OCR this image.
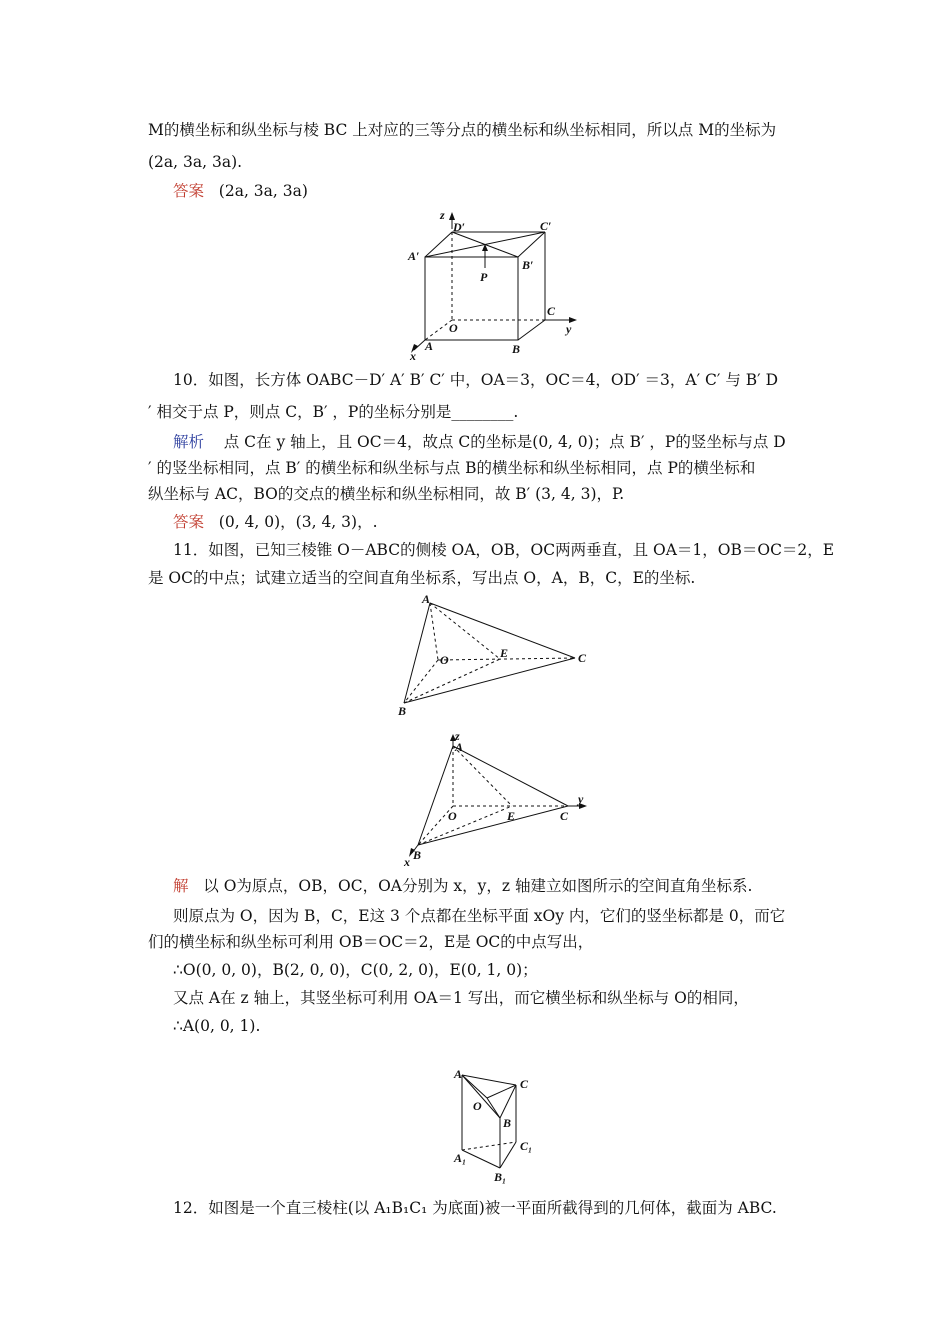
M的横坐标和纵坐标与棱 BC 上对应的三等分点的横坐标和纵坐标相同，所以点 M的坐标为
(2a, 3a, 3a).
答案 (2a, 3a, 3a)
z
D′	C′
A′
B′
P
O
C
y
A	B
x
10．如图，长方体 OABC－D′ A′ B′ C′ 中，OA＝3，OC＝4，OD′ ＝3，A′ C′ 与 B′ D
′ 相交于点 P，则点 C，B′ ，P的坐标分别是________.
解析 点 C在 y 轴上，且 OC＝4，故点 C的坐标是(0, 4, 0)；点 B′ ，P的竖坐标与点 D
′ 的竖坐标相同，点 B′ 的横坐标和纵坐标与点 B的横坐标和纵坐标相同，点 P的横坐标和
纵坐标与 AC，BO的交点的横坐标和纵坐标相同，故 B′ (3, 4, 3)，P.
答案 (0, 4, 0)，(3, 4, 3)，.
11．如图，已知三棱锥 O－ABC的侧棱 OA，OB，OC两两垂直，且 OA＝1，OB＝OC＝2，E
是 OC的中点；试建立适当的空间直角坐标系，写出点 O，A，B，C，E的坐标.
A
O	E	C
B
z
A
O	E	C
y
B
x
解 以 O为原点，OB，OC，OA分别为 x，y，z 轴建立如图所示的空间直角坐标系.
则原点为 O，因为 B，C，E这 3 个点都在坐标平面 xOy 内，它们的竖坐标都是 0，而它
们的横坐标和纵坐标可利用 OB＝OC＝2，E是 OC的中点写出，
∴O(0, 0, 0)，B(2, 0, 0)，C(0, 2, 0)，E(0, 1, 0)；
又点 A在 z 轴上，其竖坐标可利用 OA＝1 写出，而它横坐标和纵坐标与 O的相同，
∴A(0, 0, 1).
A
C
O
B
C₁
A₁
B₁
12．如图是一个直三棱柱(以 A₁B₁C₁ 为底面)被一平面所截得到的几何体，截面为 ABC.
